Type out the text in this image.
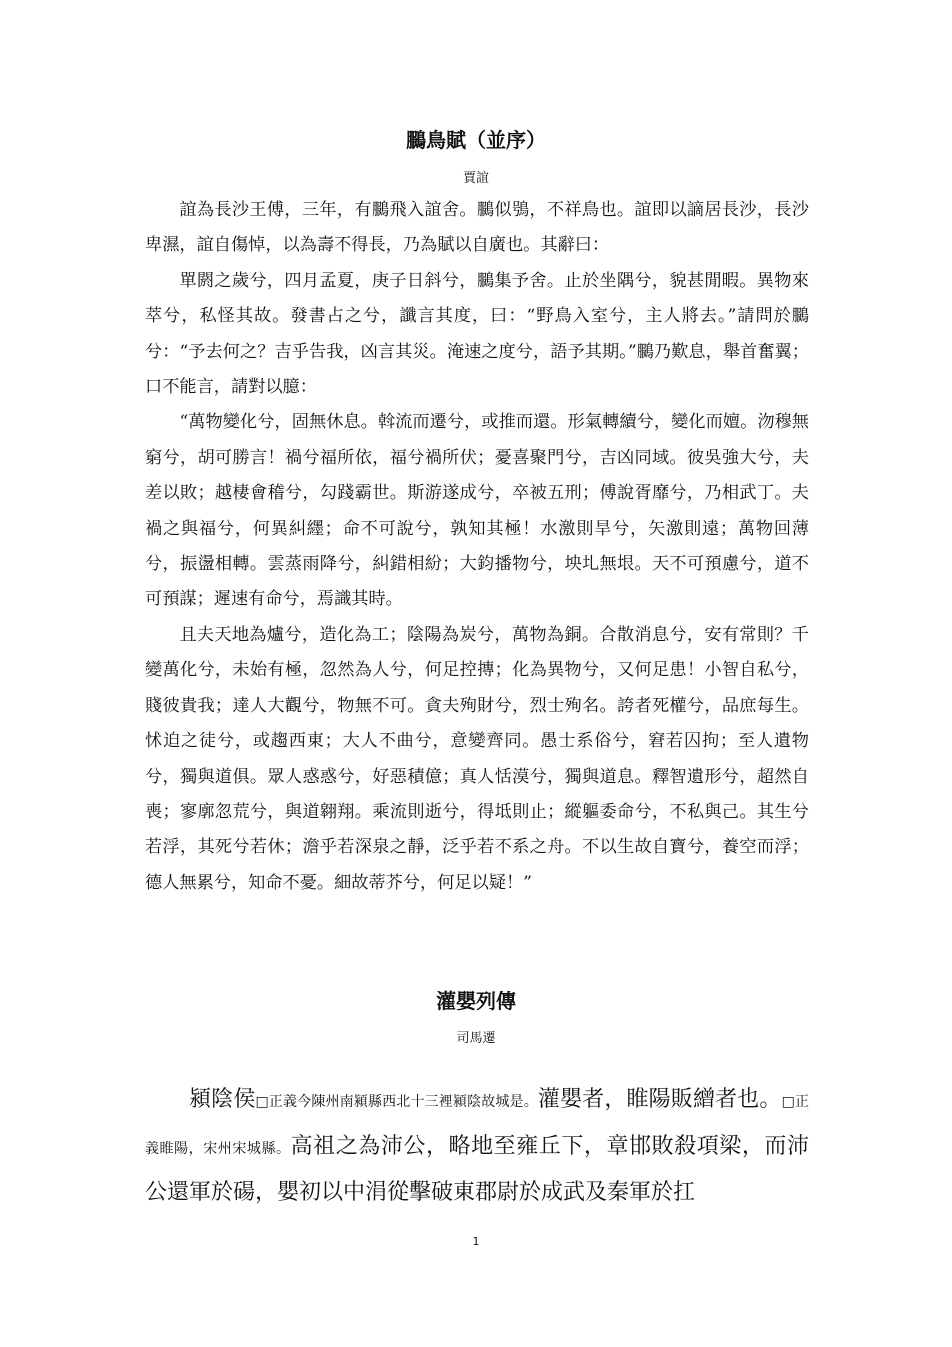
鵩鳥賦（並序）
賈誼

誼為長沙王傅，三年，有鵩飛入誼舍。鵩似鴞，不祥鳥也。誼即以謫居長沙，長沙卑濕，誼自傷悼，以為壽不得長，乃為賦以自廣也。其辭曰：

單閼之歲兮，四月孟夏，庚子日斜兮，鵩集予舍。止於坐隅兮，貌甚閒暇。異物來萃兮，私怪其故。發書占之兮，讖言其度，曰：“野鳥入室兮，主人將去。”請問於鵩兮：“予去何之？吉乎告我，凶言其災。淹速之度兮，語予其期。”鵩乃歎息，舉首奮翼；口不能言，請對以臆：

“萬物變化兮，固無休息。斡流而遷兮，或推而還。形氣轉續兮，變化而嬗。沕穆無窮兮，胡可勝言！禍兮福所依，福兮禍所伏；憂喜聚門兮，吉凶同域。彼吳強大兮，夫差以敗；越棲會稽兮，勾踐霸世。斯游遂成兮，卒被五刑；傅說胥靡兮，乃相武丁。夫禍之與福兮，何異糾纆；命不可說兮，孰知其極！水激則旱兮，矢激則遠；萬物回薄兮，振盪相轉。雲蒸雨降兮，糾錯相紛；大鈞播物兮，坱圠無垠。天不可預慮兮，道不可預謀；遲速有命兮，焉識其時。

且夫天地為爐兮，造化為工；陰陽為炭兮，萬物為銅。合散消息兮，安有常則？千變萬化兮，未始有極，忽然為人兮，何足控摶；化為異物兮，又何足患！小智自私兮，賤彼貴我；達人大觀兮，物無不可。貪夫殉財兮，烈士殉名。誇者死權兮，品庶每生。怵迫之徒兮，或趨西東；大人不曲兮，意變齊同。愚士系俗兮，窘若囚拘；至人遺物兮，獨與道俱。眾人惑惑兮，好惡積億；真人恬漠兮，獨與道息。釋智遺形兮，超然自喪；寥廓忽荒兮，與道翱翔。乘流則逝兮，得坻則止；縱軀委命兮，不私與己。其生兮若浮，其死兮若休；澹乎若深泉之靜，泛乎若不系之舟。不以生故自寶兮，養空而浮；德人無累兮，知命不憂。細故蒂芥兮，何足以疑！”

灌嬰列傳
司馬遷

潁陰侯□正義今陳州南潁縣西北十三裡潁陰故城是。灌嬰者，睢陽販繒者也。□正義睢陽，宋州宋城縣。高祖之為沛公，略地至雍丘下，章邯敗殺項梁，而沛公還軍於碭，嬰初以中涓從擊破東郡尉於成武及秦軍於扛

1
